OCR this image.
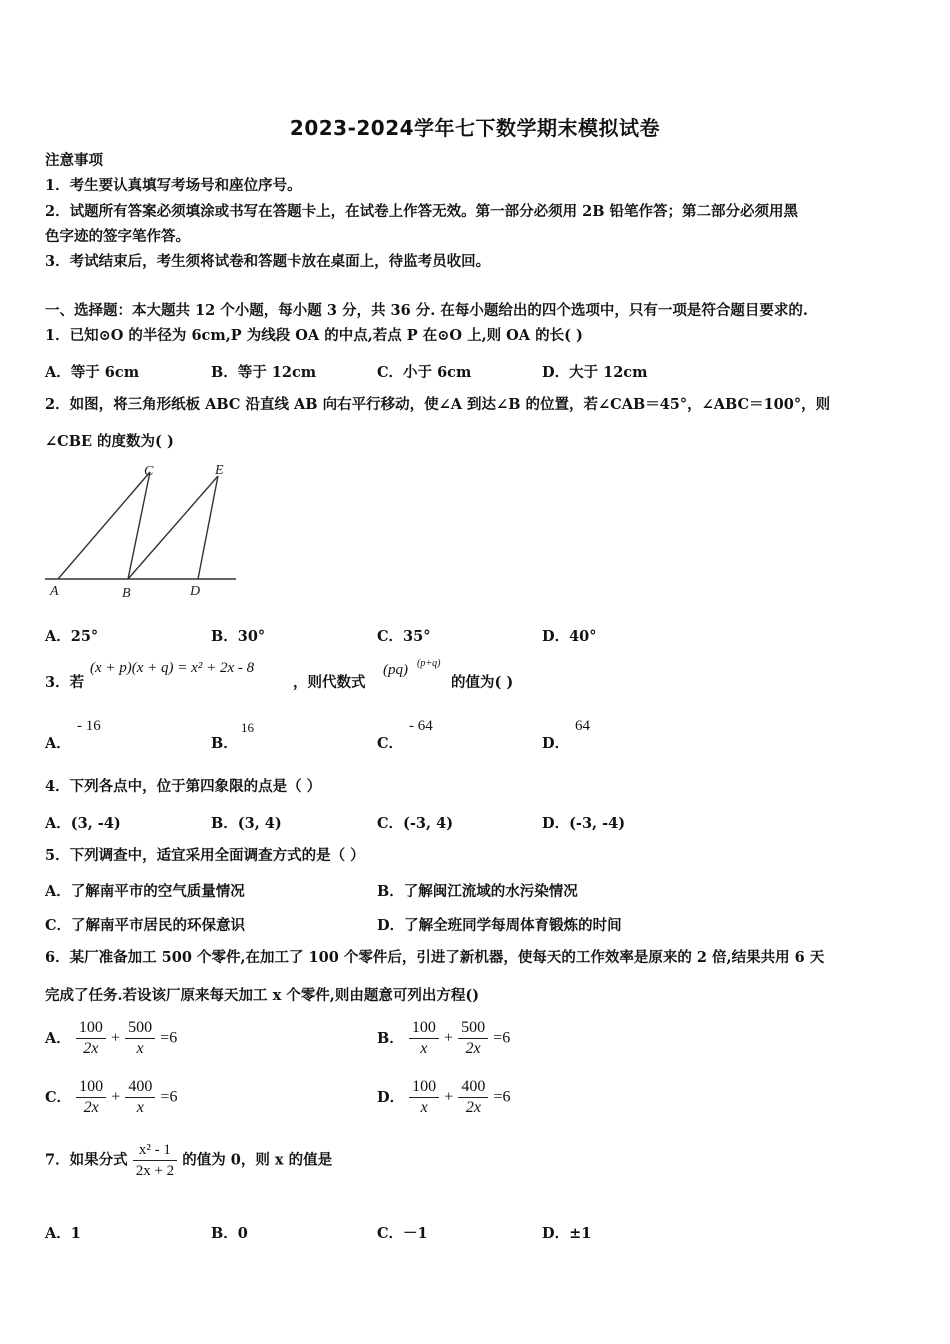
2023-2024学年七下数学期末模拟试卷
注意事项
1．考生要认真填写考场号和座位序号。
2．试题所有答案必须填涂或书写在答题卡上，在试卷上作答无效。第一部分必须用 2B 铅笔作答；第二部分必须用黑
色字迹的签字笔作答。
3．考试结束后，考生须将试卷和答题卡放在桌面上，待监考员收回。
一、选择题：本大题共 12 个小题，每小题 3 分，共 36 分. 在每小题给出的四个选项中，只有一项是符合题目要求的.
1．已知⊙O 的半径为 6cm,P 为线段 OA 的中点,若点 P 在⊙O 上,则 OA 的长( )
A．等于 6cm	B．等于 12cm	C．小于 6cm	D．大于 12cm
2．如图，将三角形纸板 ABC 沿直线 AB 向右平行移动，使∠A 到达∠B 的位置，若∠CAB＝45°，∠ABC＝100°，则
∠CBE 的度数为( )
C	E
A	B	D
A．25°	B．30°	C．35°	D．40°
3．若
(x + p)(x + q) = x² + 2x - 8
，则代数式
(pq) (p+q)
的值为( )
A．
- 16
B．
16
C．
- 64
D．
64
4．下列各点中，位于第四象限的点是（ ）
A．(3, -4)	B．(3, 4)	C．(-3, 4)	D．(-3, -4)
5．下列调查中，适宜采用全面调查方式的是（ ）
A．了解南平市的空气质量情况	B．了解闽江流域的水污染情况
C．了解南平市居民的环保意识	D．了解全班同学每周体育锻炼的时间
6．某厂准备加工 500 个零件,在加工了 100 个零件后，引进了新机器，使每天的工作效率是原来的 2 倍,结果共用 6 天
完成了任务.若设该厂原来每天加工 x 个零件,则由题意可列出方程()
A． $\frac{100}{2x} + \frac{500}{x} =6$	B． $\frac{100}{x} + \frac{500}{2x} =6$
C． $\frac{100}{2x} + \frac{400}{x} =6$	D． $\frac{100}{x} + \frac{400}{2x} =6$
7．如果分式 $\frac{\text{x² - 1}}{2x + 2}$ 的值为 0，则 x 的值是
A．1	B．0	C．－1	D．±1
